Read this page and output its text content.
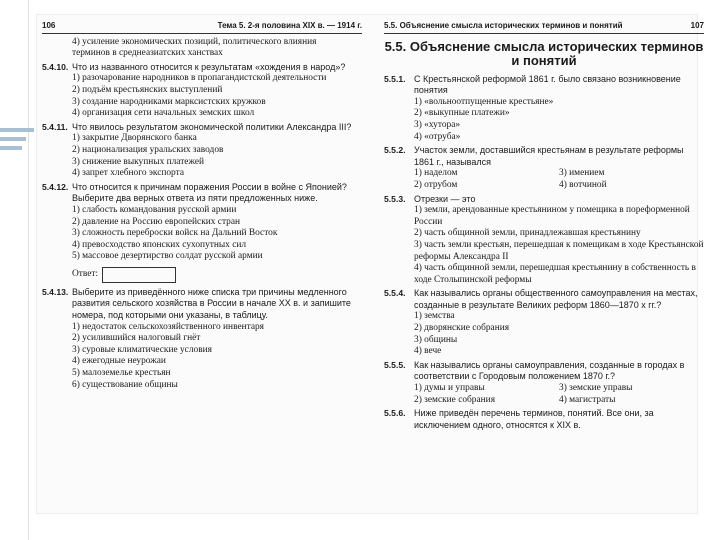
106	Тема 5. 2-я половина XIX в. — 1914 г.
4) усиление экономических позиций, политического влияния
терминов в среднеазиатских ханствах
5.4.10. Что из названного относится к результатам «хождения в народ»?
1) разочарование народников в пропагандистской деятельности
2) подъём крестьянских выступлений
3) создание народниками марксистских кружков
4) организация сети начальных земских школ
5.4.11. Что явилось результатом экономической политики Александра III?
1) закрытие Дворянского банка
2) национализация уральских заводов
3) снижение выкупных платежей
4) запрет хлебного экспорта
5.4.12. Что относится к причинам поражения России в войне с Японией? Выберите два верных ответа из пяти предложенных ниже.
1) слабость командования русской армии
2) давление на Россию европейских стран
3) сложность переброски войск на Дальний Восток
4) превосходство японских сухопутных сил
5) массовое дезертирство солдат русской армии
Ответ:
5.4.13. Выберите из приведённого ниже списка три причины медленного развития сельского хозяйства в России в начале XX в. и запишите номера, под которыми они указаны, в таблицу.
1) недостаток сельскохозяйственного инвентаря
2) усилившийся налоговый гнёт
3) суровые климатические условия
4) ежегодные неурожаи
5) малоземелье крестьян
6) существование общины
5.5. Объяснение смысла исторических терминов и понятий	107
5.5. Объяснение смысла исторических терминов и понятий
5.5.1. С Крестьянской реформой 1861 г. было связано возникновение понятия
1) «вольноотпущенные крестьяне»
2) «выкупные платежи»
3) «хутора»
4) «отруба»
5.5.2. Участок земли, доставшийся крестьянам в результате реформы 1861 г., назывался
1) наделом	3) имением
2) отрубом	4) вотчиной
5.5.3. Отрезки — это
1) земли, арендованные крестьянином у помещика в пореформенной России
2) часть общинной земли, принадлежавшая крестьянину
3) часть земли крестьян, перешедшая к помещикам в ходе Крестьянской реформы Александра II
4) часть общинной земли, перешедшая крестьянину в собственность в ходе Столыпинской реформы
5.5.4. Как назывались органы общественного самоуправления на местах, созданные в результате Великих реформ 1860—1870 х гг.?
1) земства
2) дворянские собрания
3) общины
4) вече
5.5.5. Как назывались органы самоуправления, созданные в городах в соответствии с Городовым положением 1870 г.?
1) думы и управы	3) земские управы
2) земские собрания	4) магистраты
5.5.6. Ниже приведён перечень терминов, понятий. Все они, за исключением одного, относятся к XIX в.
